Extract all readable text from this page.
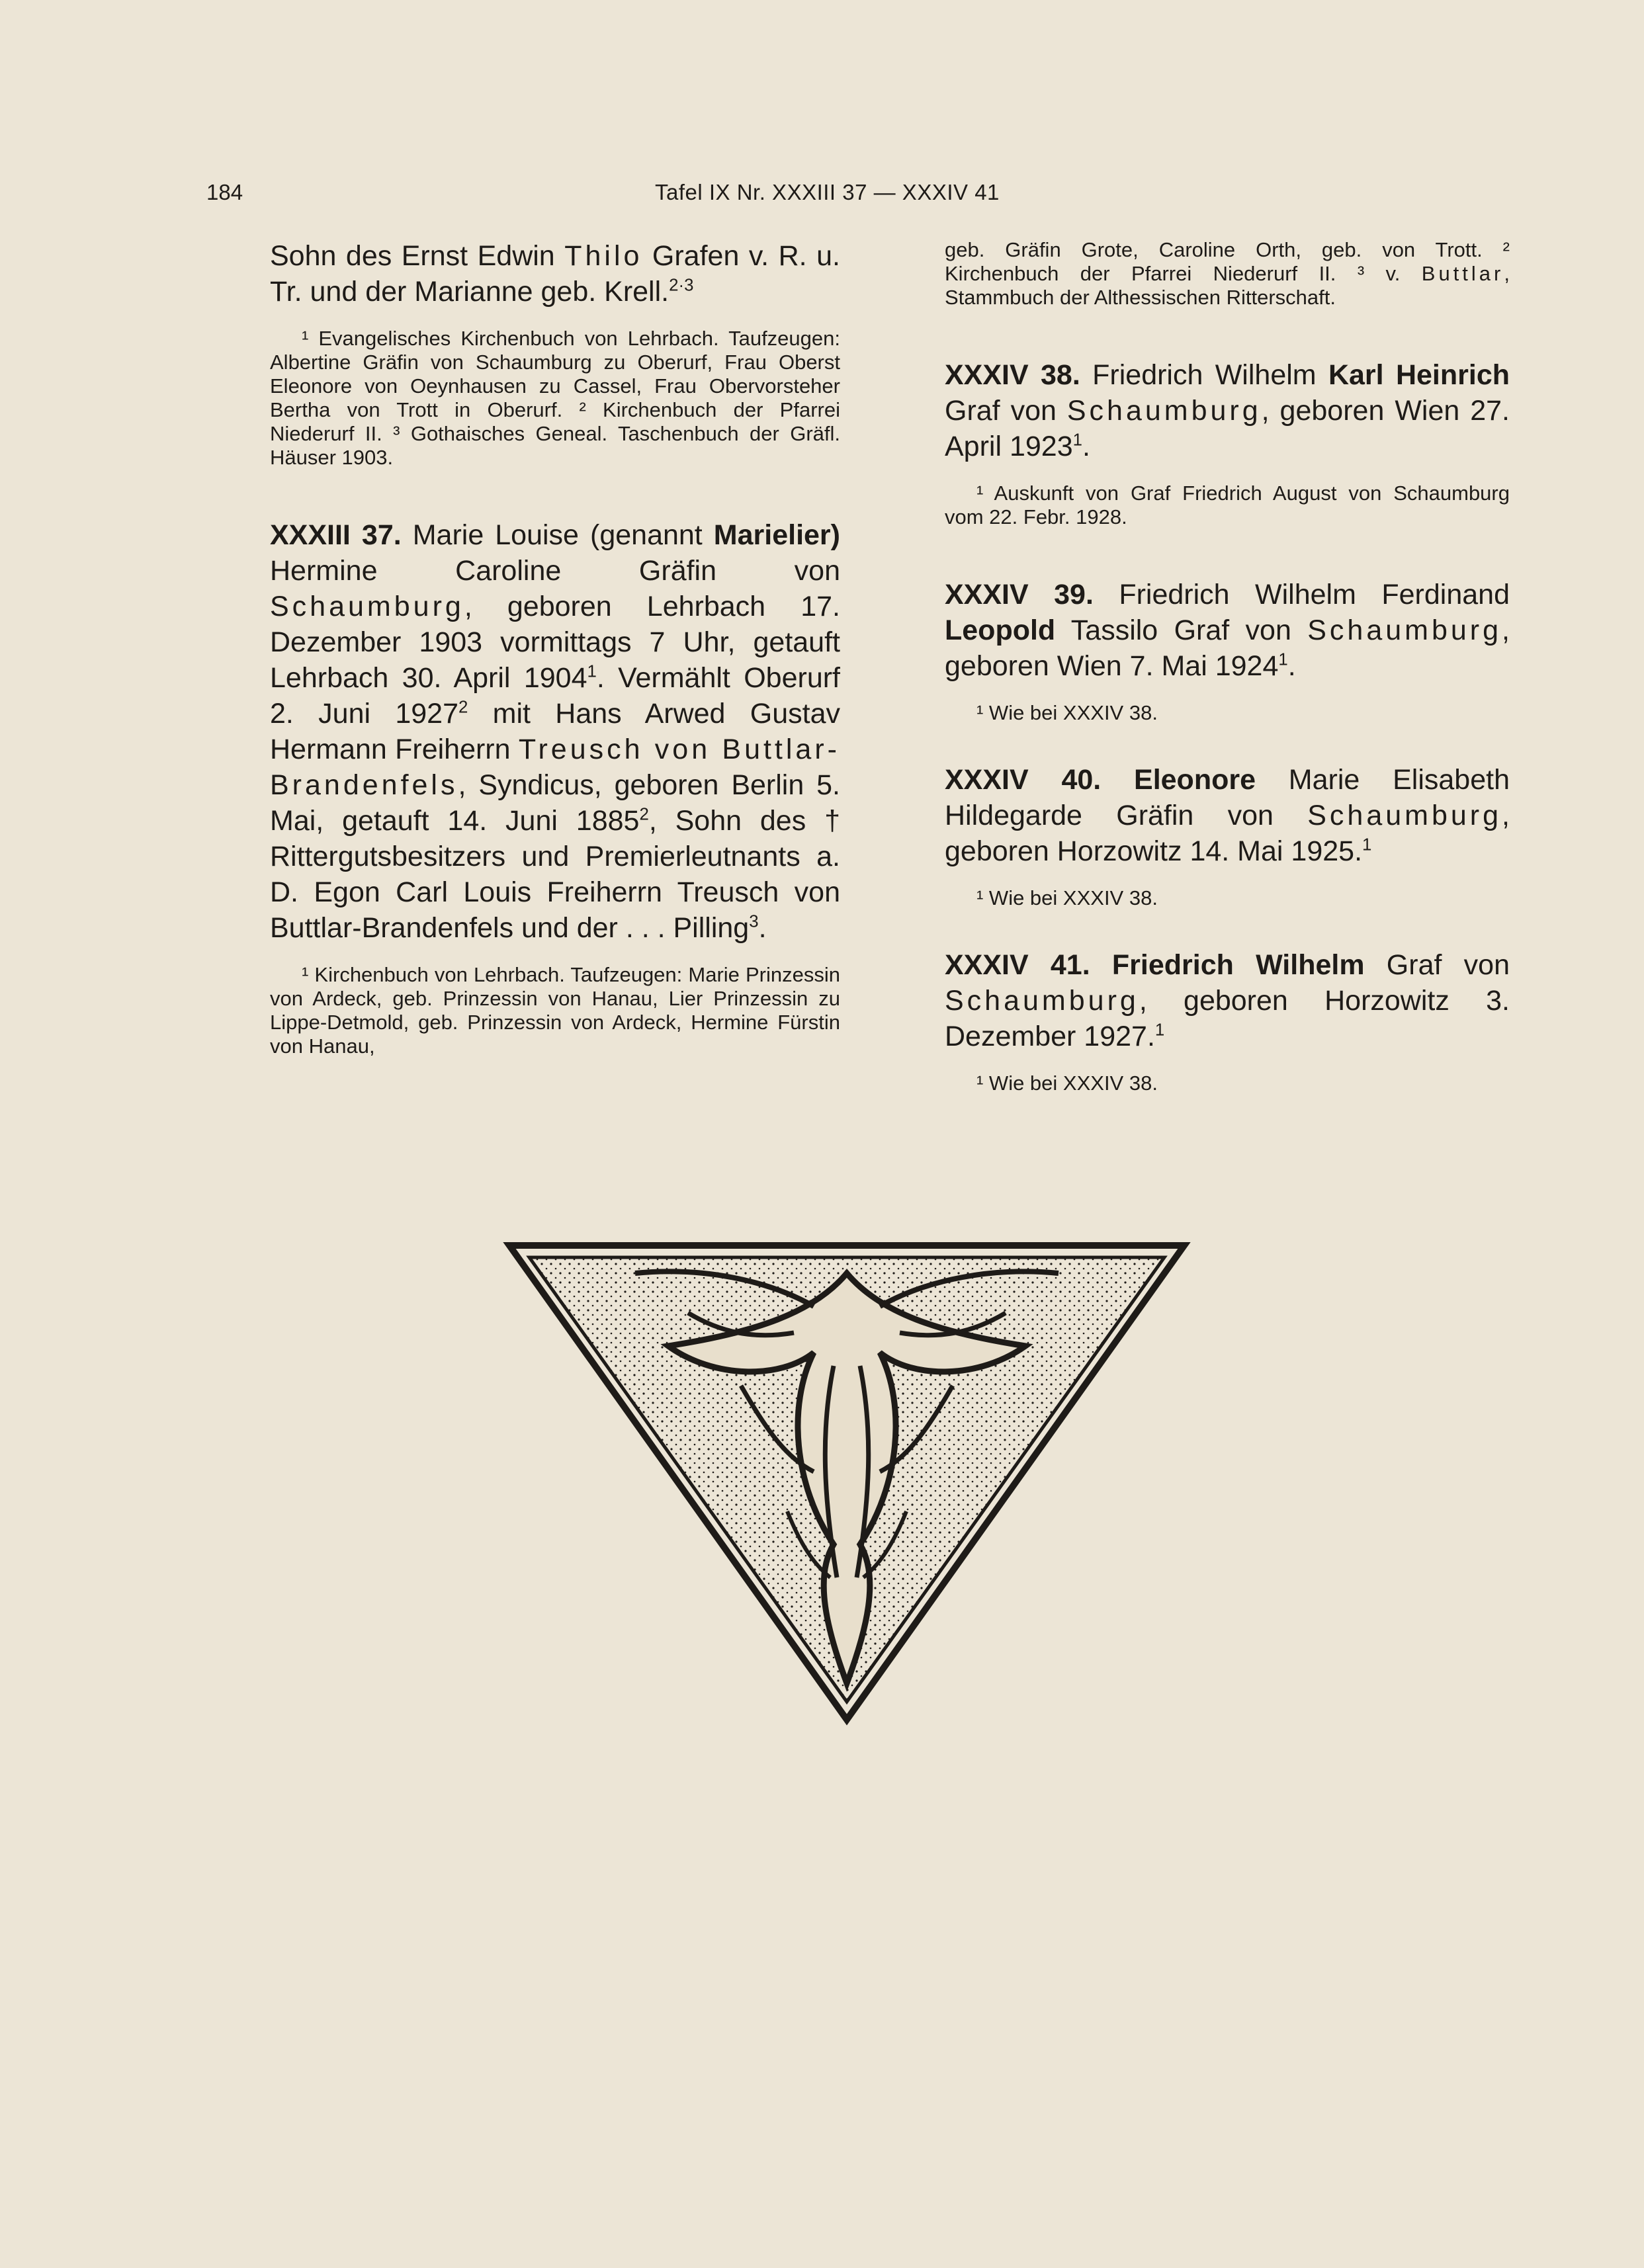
184	Tafel IX Nr. XXXIII 37 — XXXIV 41

Sohn des Ernst Edwin Thilo Grafen v. R. u. Tr. und der Marianne geb. Krell.$^{2\cdot 3}$

¹ Evangelisches Kirchenbuch von Lehrbach. Taufzeugen: Albertine Gräfin von Schaumburg zu Oberurf, Frau Oberst Eleonore von Oeynhausen zu Cassel, Frau Obervorsteher Bertha von Trott in Oberurf. ² Kirchenbuch der Pfarrei Niederurf II. ³ Gothaisches Geneal. Taschenbuch der Gräfl. Häuser 1903.

XXXIII 37. Marie Louise (genannt Marielier) Hermine Caroline Gräfin von Schaumburg, geboren Lehrbach 17. Dezember 1903 vormittags 7 Uhr, getauft Lehrbach 30. April 1904$^1$. Vermählt Oberurf 2. Juni 1927$^2$ mit Hans Arwed Gustav Hermann Freiherrn Treusch von Buttlar-Brandenfels, Syndicus, geboren Berlin 5. Mai, getauft 14. Juni 1885$^2$, Sohn des † Rittergutsbesitzers und Premierleutnants a. D. Egon Carl Louis Freiherrn Treusch von Buttlar-Brandenfels und der . . . Pilling$^3$.

¹ Kirchenbuch von Lehrbach. Taufzeugen: Marie Prinzessin von Ardeck, geb. Prinzessin von Hanau, Lier Prinzessin zu Lippe-Detmold, geb. Prinzessin von Ardeck, Hermine Fürstin von Hanau,

geb. Gräfin Grote, Caroline Orth, geb. von Trott. ² Kirchenbuch der Pfarrei Niederurf II. ³ v. Buttlar, Stammbuch der Althessischen Ritterschaft.

XXXIV 38. Friedrich Wilhelm Karl Heinrich Graf von Schaumburg, geboren Wien 27. April 1923$^1$.

¹ Auskunft von Graf Friedrich August von Schaumburg vom 22. Febr. 1928.

XXXIV 39. Friedrich Wilhelm Ferdinand Leopold Tassilo Graf von Schaumburg, geboren Wien 7. Mai 1924$^1$.

¹ Wie bei XXXIV 38.

XXXIV 40. Eleonore Marie Elisabeth Hildegarde Gräfin von Schaumburg, geboren Horzowitz 14. Mai 1925.$^1$

¹ Wie bei XXXIV 38.

XXXIV 41. Friedrich Wilhelm Graf von Schaumburg, geboren Horzowitz 3. Dezember 1927.$^1$

¹ Wie bei XXXIV 38.
